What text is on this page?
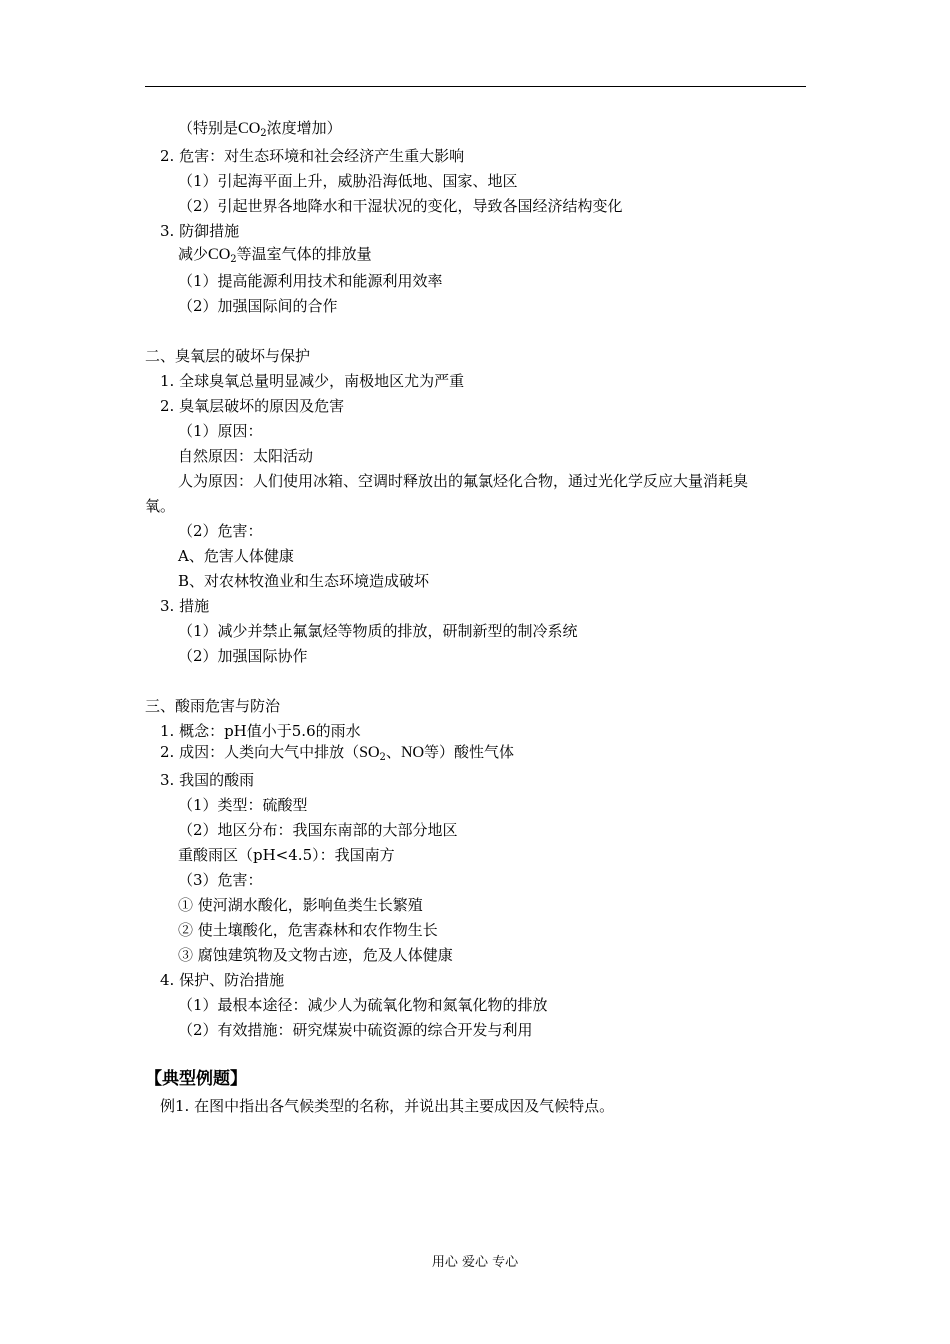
（特别是$CO_2$浓度增加）
2. 危害：对生态环境和社会经济产生重大影响
（1）引起海平面上升，威胁沿海低地、国家、地区
（2）引起世界各地降水和干湿状况的变化，导致各国经济结构变化
3. 防御措施
减少$CO_2$等温室气体的排放量
（1）提高能源利用技术和能源利用效率
（2）加强国际间的合作
二、臭氧层的破坏与保护
1. 全球臭氧总量明显减少，南极地区尤为严重
2. 臭氧层破坏的原因及危害
（1）原因：
自然原因：太阳活动
人为原因：人们使用冰箱、空调时释放出的氟氯烃化合物，通过光化学反应大量消耗臭
氧。
（2）危害：
A、危害人体健康
B、对农林牧渔业和生态环境造成破坏
3. 措施
（1）减少并禁止氟氯烃等物质的排放，研制新型的制冷系统
（2）加强国际协作
三、酸雨危害与防治
1. 概念：pH值小于5.6的雨水
2. 成因：人类向大气中排放（$SO_2$、NO等）酸性气体
3. 我国的酸雨
（1）类型：硫酸型
（2）地区分布：我国东南部的大部分地区
重酸雨区（pH<4.5）：我国南方
（3）危害：
① 使河湖水酸化，影响鱼类生长繁殖
② 使土壤酸化，危害森林和农作物生长
③ 腐蚀建筑物及文物古迹，危及人体健康
4. 保护、防治措施
（1）最根本途径：减少人为硫氧化物和氮氧化物的排放
（2）有效措施：研究煤炭中硫资源的综合开发与利用
【典型例题】
例1. 在图中指出各气候类型的名称，并说出其主要成因及气候特点。
用心 爱心 专心
